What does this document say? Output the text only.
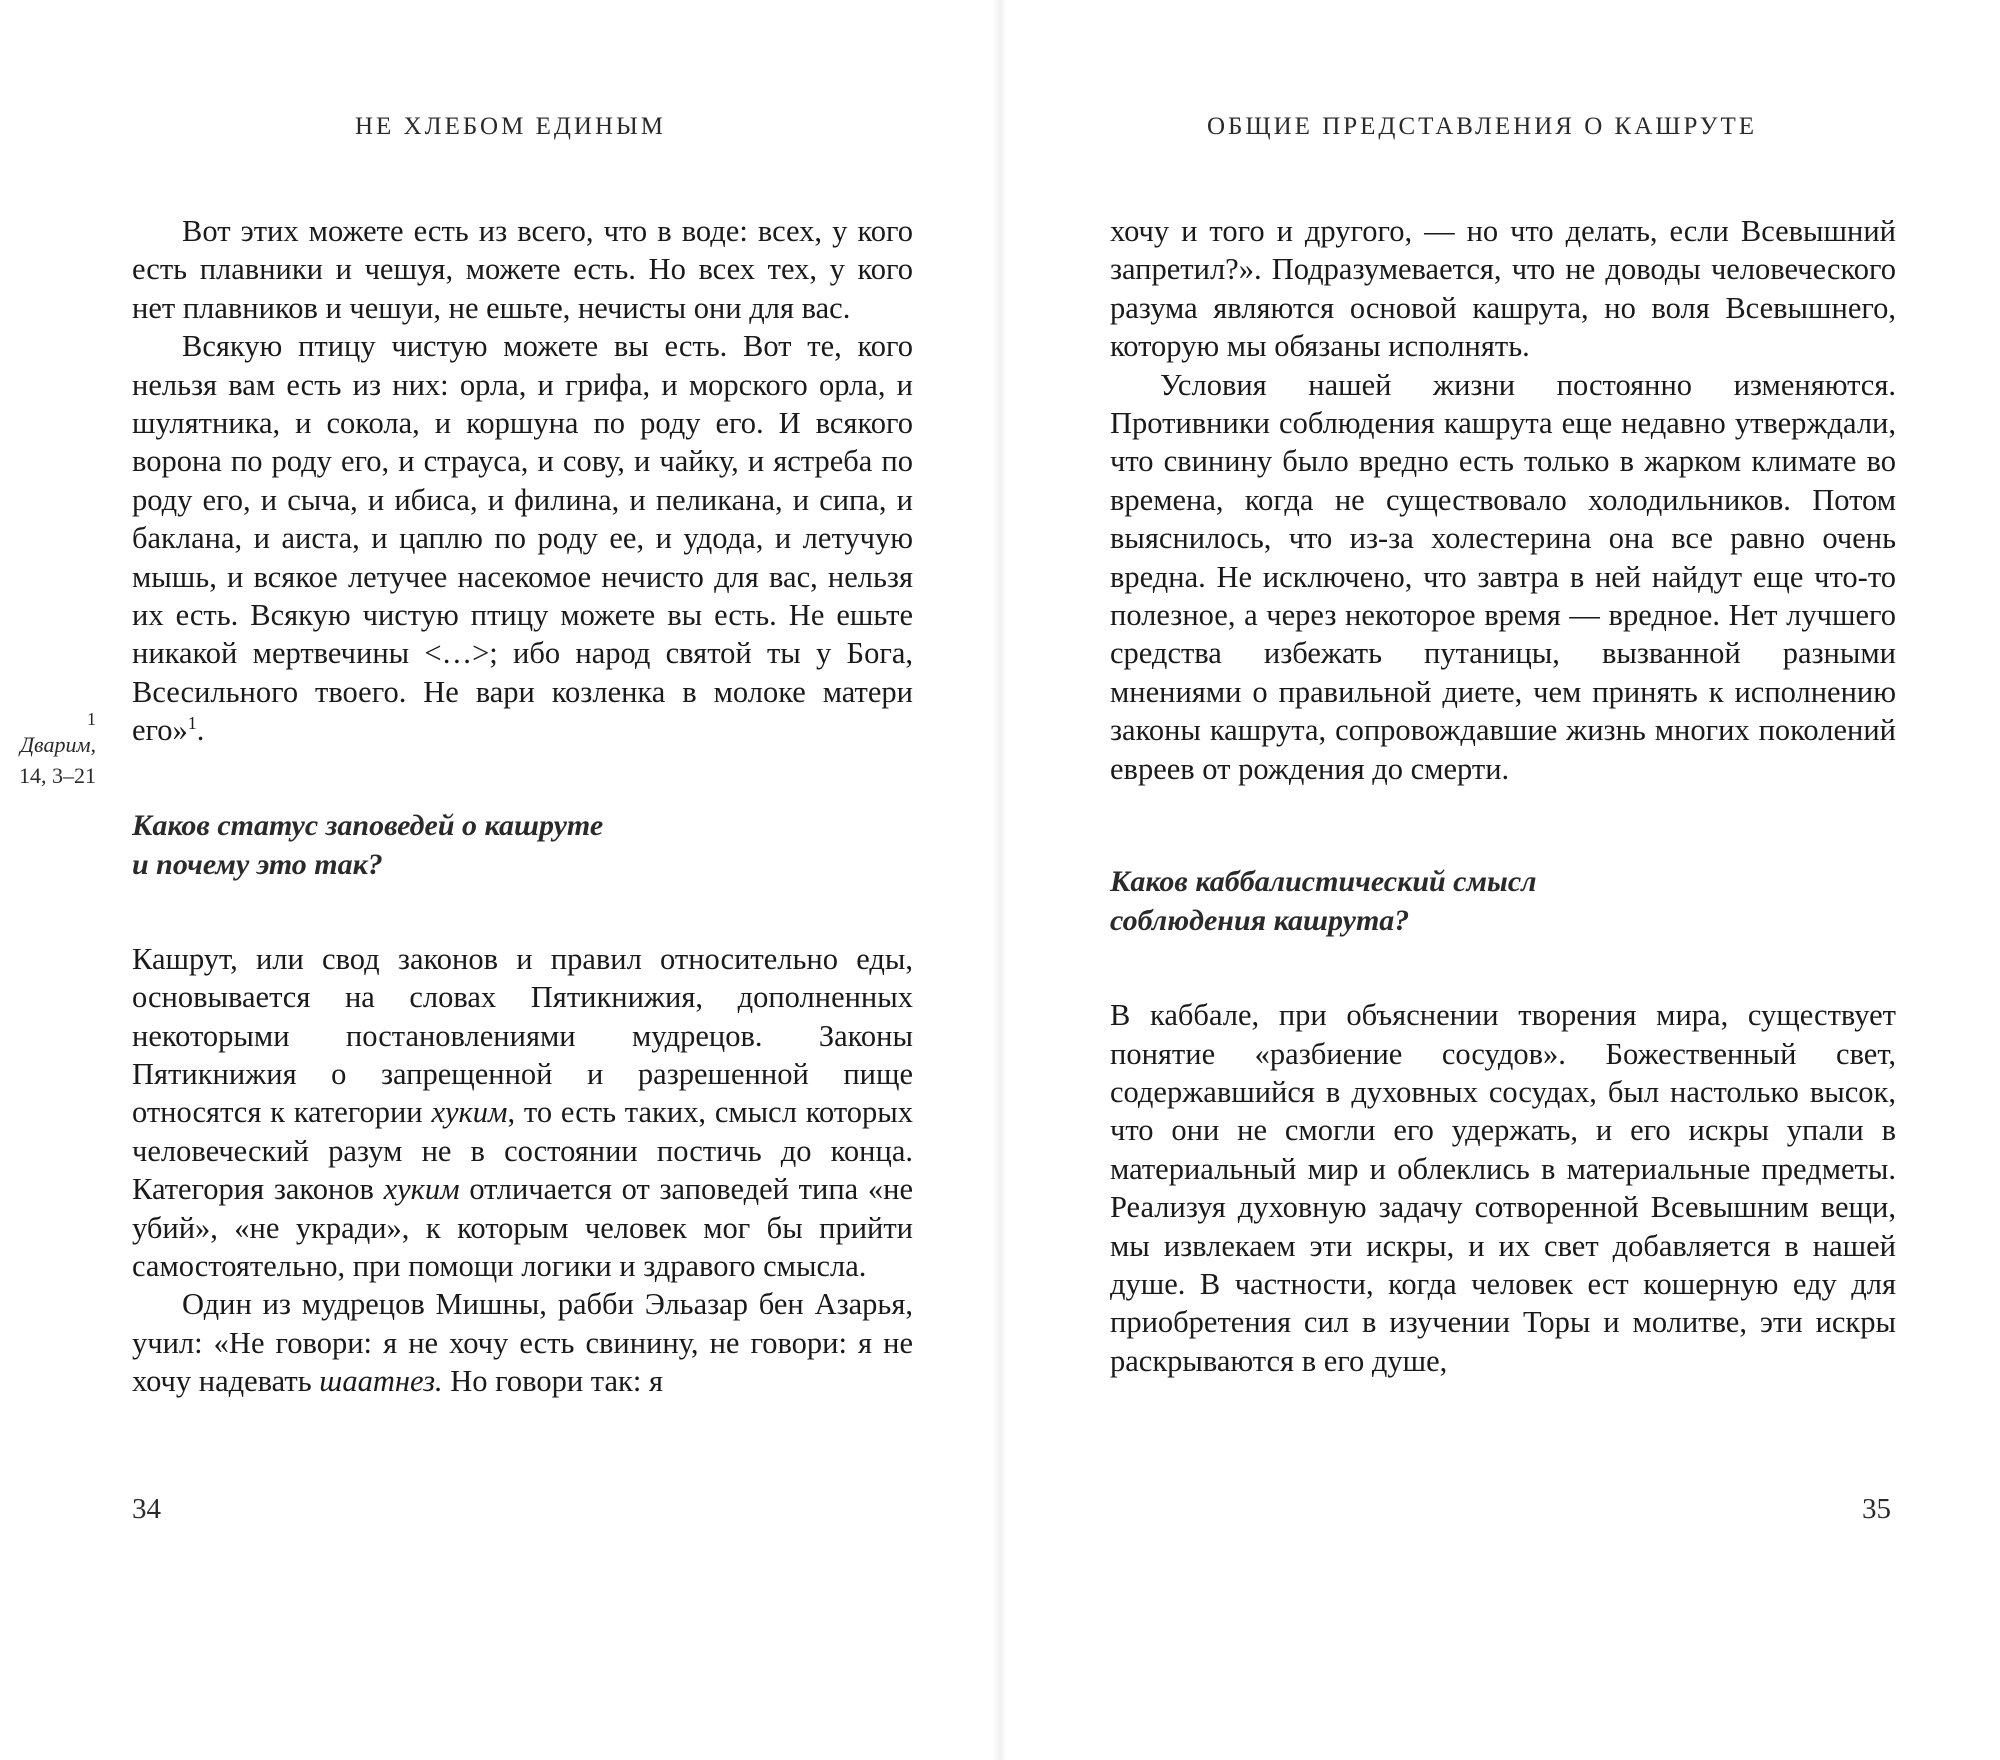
НЕ ХЛЕБОМ ЕДИНЫМ
1
Дварим,
14, 3–21

Вот этих можете есть из всего, что в воде: всех, у кого есть плавники и чешуя, можете есть. Но всех тех, у кого нет плавников и чешуи, не ешьте, нечисты они для вас.

Всякую птицу чистую можете вы есть. Вот те, кого нельзя вам есть из них: орла, и грифа, и морского орла, и шулятника, и сокола, и коршуна по роду его. И всякого ворона по роду его, и страуса, и сову, и чайку, и ястреба по роду его, и сыча, и ибиса, и филина, и пеликана, и сипа, и баклана, и аиста, и цаплю по роду ее, и удода, и летучую мышь, и всякое летучее насекомое нечисто для вас, нельзя их есть. Всякую чистую птицу можете вы есть. Не ешьте никакой мертвечины <…>; ибо народ святой ты у Бога, Всесильного твоего. Не вари козленка в молоке матери его»$^1$.

Каков статус заповедей о кашруте
и почему это так?

Кашрут, или свод законов и правил относительно еды, основывается на словах Пятикнижия, дополненных некоторыми постановлениями мудрецов. Законы Пятикнижия о запрещенной и разрешенной пище относятся к категории хуким, то есть таких, смысл которых человеческий разум не в состоянии постичь до конца. Категория законов хуким отличается от заповедей типа «не убий», «не укради», к которым человек мог бы прийти самостоятельно, при помощи логики и здравого смысла.

Один из мудрецов Мишны, рабби Эльазар бен Азарья, учил: «Не говори: я не хочу есть свинину, не говори: я не хочу надевать шаатнез. Но говори так: я

34
ОБЩИЕ ПРЕДСТАВЛЕНИЯ О КАШРУТЕ

хочу и того и другого, — но что делать, если Всевышний запретил?». Подразумевается, что не доводы человеческого разума являются основой кашрута, но воля Всевышнего, которую мы обязаны исполнять.

Условия нашей жизни постоянно изменяются. Противники соблюдения кашрута еще недавно утверждали, что свинину было вредно есть только в жарком климате во времена, когда не существовало холодильников. Потом выяснилось, что из-за холестерина она все равно очень вредна. Не исключено, что завтра в ней найдут еще что-то полезное, а через некоторое время — вредное. Нет лучшего средства избежать путаницы, вызванной разными мнениями о правильной диете, чем принять к исполнению законы кашрута, сопровождавшие жизнь многих поколений евреев от рождения до смерти.

Каков каббалистический смысл
соблюдения кашрута?

В каббале, при объяснении творения мира, существует понятие «разбиение сосудов». Божественный свет, содержавшийся в духовных сосудах, был настолько высок, что они не смогли его удержать, и его искры упали в материальный мир и облеклись в материальные предметы. Реализуя духовную задачу сотворенной Всевышним вещи, мы извлекаем эти искры, и их свет добавляется в нашей душе. В частности, когда человек ест кошерную еду для приобретения сил в изучении Торы и молитве, эти искры раскрываются в его душе,

35
